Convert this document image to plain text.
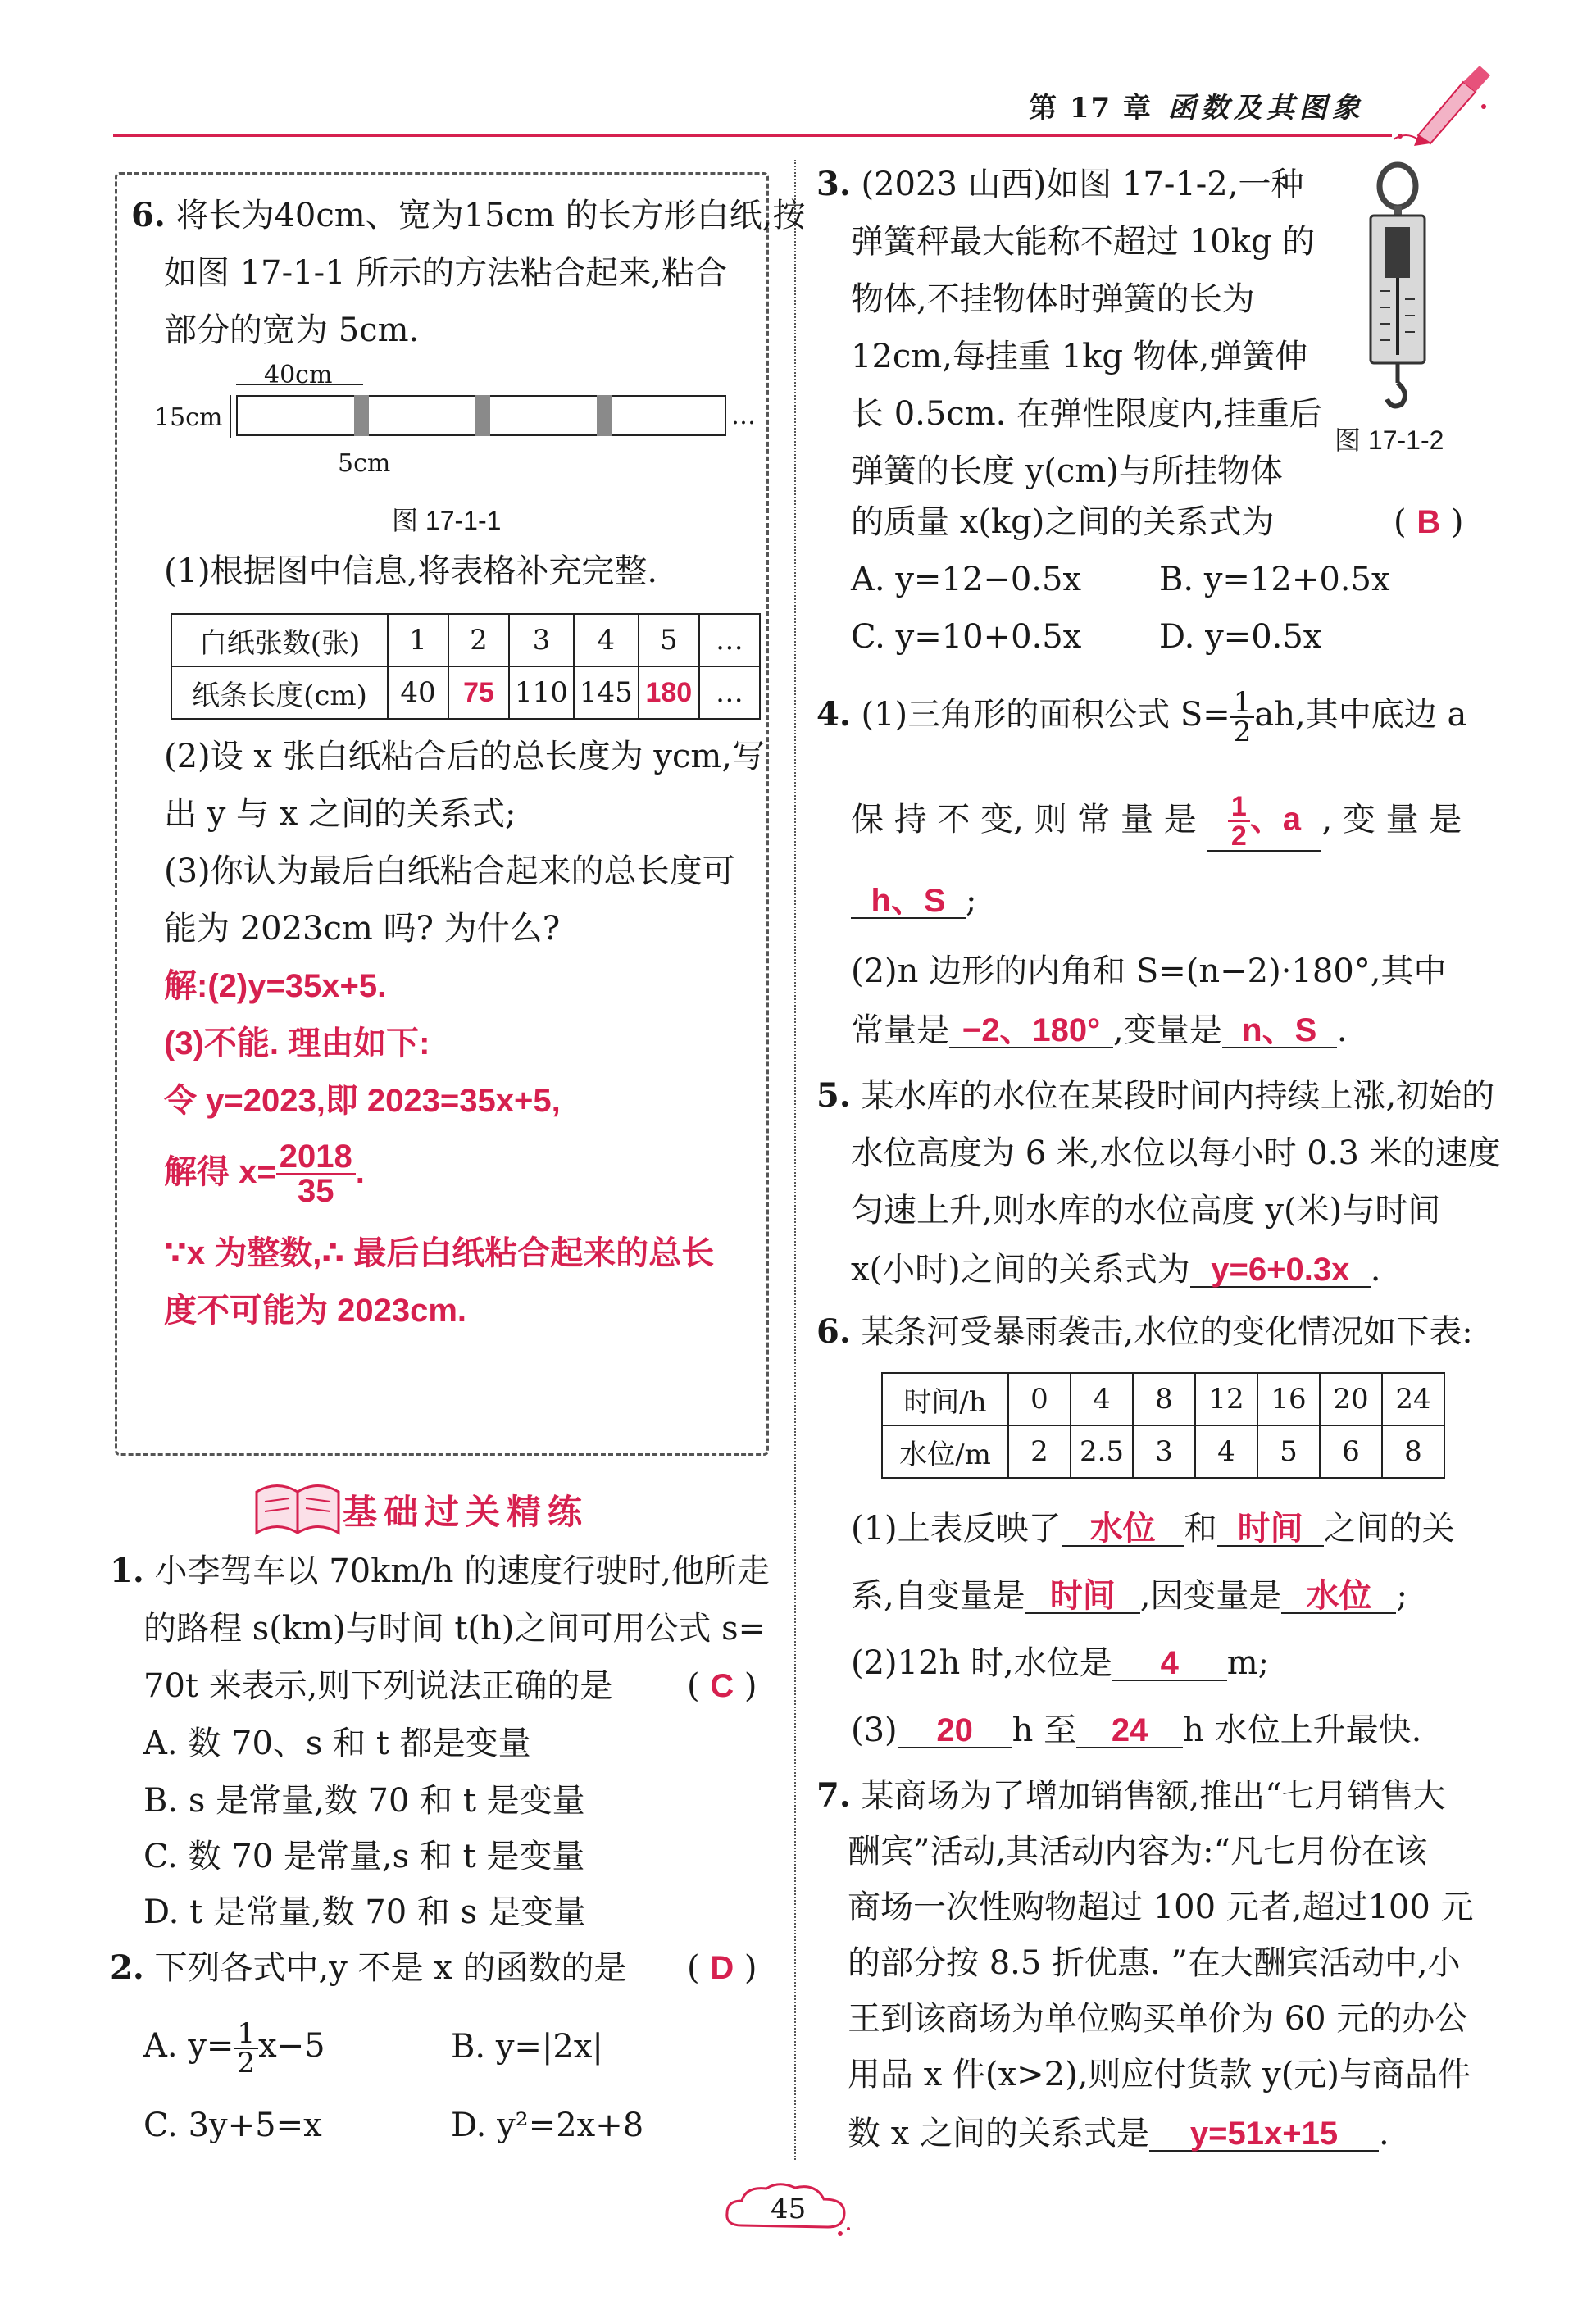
第 17 章 函数及其图象
6. 将长为40cm、宽为15cm 的长方形白纸,按
如图 17-1-1 所示的方法粘合起来,粘合
部分的宽为 5cm.
40cm
15cm	…
5cm
图 17-1-1
(1)根据图中信息,将表格补充完整.
白纸张数(张)	1	2	3	4	5	…
纸条长度(cm)	40	75	110	145	180	…
(2)设 x 张白纸粘合后的总长度为 ycm,写
出 y 与 x 之间的关系式;
(3)你认为最后白纸粘合起来的总长度可
能为 2023cm 吗? 为什么?
解:(2)y=35x+5.
(3)不能. 理由如下:
令 y=2023,即 2023=35x+5,
解得 $x= \frac{2018}{35}$ .
∵x 为整数,∴ 最后白纸粘合起来的总长
度不可能为 2023cm.
基础过关精练
1. 小李驾车以 70km/h 的速度行驶时,他所走
的路程 s(km)与时间 t(h)之间可用公式 s=
70t 来表示,则下列说法正确的是 ( C )
A. 数 70、s 和 t 都是变量
B. s 是常量,数 70 和 t 是变量
C. 数 70 是常量,s 和 t 是变量
D. t 是常量,数 70 和 s 是变量
2. 下列各式中,y 不是 x 的函数的是 ( D )
A. $y= \frac{1}{2} x-5$	B. y=|2x|
C. 3y+5=x	D. y²=2x+8
3. (2023 山西)如图 17-1-2,一种
弹簧秤最大能称不超过 10kg 的
物体,不挂物体时弹簧的长为
12cm,每挂重 1kg 物体,弹簧伸
长 0.5cm. 在弹性限度内,挂重后
弹簧的长度 y(cm)与所挂物体
的质量 x(kg)之间的关系式为	( B )
图 17-1-2
A. y=12−0.5x B. y=12+0.5x
C. y=10+0.5x D. y=0.5x
4. (1)三角形的面积公式 $S= \frac{1}{2}$ ah,其中底边 a
保 持 不 变, 则 常 量 是 $\frac{1}{2}$ 、a , 变 量 是
h、S ;
(2)n 边形的内角和 S=(n−2)·180°,其中
常量是 −2、180° ,变量是 n、S .
5. 某水库的水位在某段时间内持续上涨,初始的
水位高度为 6 米,水位以每小时 0.3 米的速度
匀速上升,则水库的水位高度 y(米)与时间
x(小时)之间的关系式为 y=6+0.3x .
6. 某条河受暴雨袭击,水位的变化情况如下表:
时间/h	0	4	8	12	16	20	24
水位/m	2	2.5	3	4	5	6	8
(1)上表反映了 水位 和 时间 之间的关
系,自变量是 时间 ,因变量是 水位 ;
(2)12h 时,水位是 4 m;
(3) 20 h 至 24 h 水位上升最快.
7. 某商场为了增加销售额,推出“七月销售大
酬宾”活动,其活动内容为:“凡七月份在该
商场一次性购物超过 100 元者,超过100 元
的部分按 8.5 折优惠. ”在大酬宾活动中,小
王到该商场为单位购买单价为 60 元的办公
用品 x 件(x>2),则应付货款 y(元)与商品件
数 x 之间的关系式是 y=51x+15 .
45
